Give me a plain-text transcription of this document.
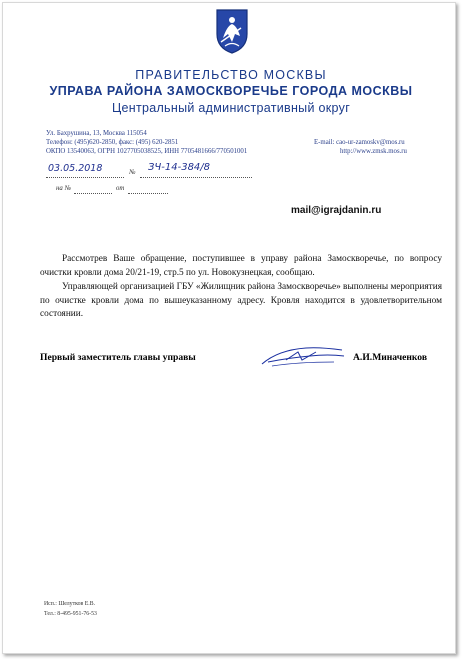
ПРАВИТЕЛЬСТВО МОСКВЫ
УПРАВА РАЙОНА ЗАМОСКВОРЕЧЬЕ ГОРОДА МОСКВЫ
Центральный административный округ
Ул. Бахрушина, 13, Москва 115054
Телефон: (495)620-2850, факс: (495) 620-2851
ОКПО 13540063, ОГРН 1027705038525, ИНН 7705481666/770501001
E-mail: cao-ur-zamoskv@mos.ru
http://www.zmsk.mos.ru
№
03.05.2018	ЗЧ-14-384/8
на №	от
mail@igrajdanin.ru
Рассмотрев Ваше обращение, поступившее в управу района Замоскворечье, по вопросу очистки кровли дома 20/21-19, стр.5 по ул. Новокузнецкая, сообщаю.
Управляющей организацией ГБУ «Жилищник района Замоскворечье» выполнены мероприятия по очистке кровли дома по вышеуказанному адресу. Кровля находится в удовлетворительном состоянии.
Первый заместитель главы управы	А.И.Миначенков
Исп.: Шелутков Е.В.
Тел.: 8-495-951-76-53
